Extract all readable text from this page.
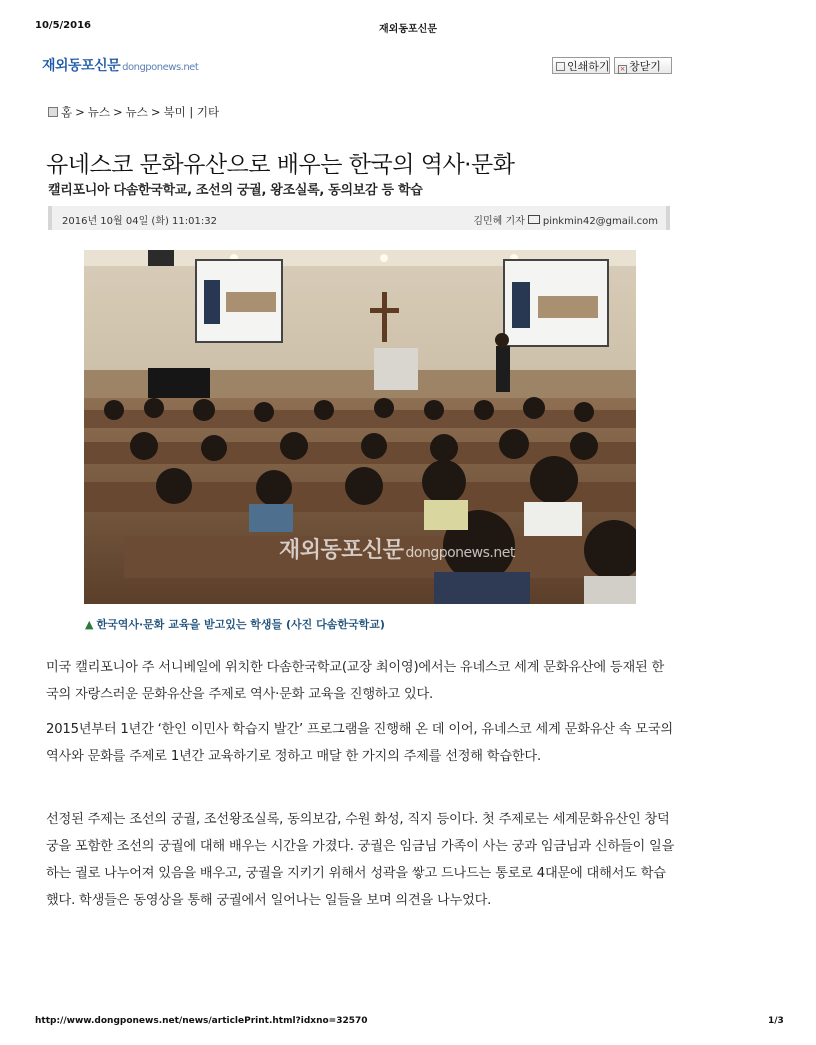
10/5/2016	재외동포신문
재외동포신문 dongponews.net	인쇄하기	× 창닫기
홈 > 뉴스 > 뉴스 > 북미 | 기타
유네스코 문화유산으로 배우는 한국의 역사·문화
캘리포니아 다솜한국학교, 조선의 궁궐, 왕조실록, 동의보감 등 학습
2016년 10월 04일 (화) 11:01:32	김민혜 기자 pinkmin42@gmail.com
재외동포신문 dongponews.net
▲ 한국역사·문화 교육을 받고있는 학생들 (사진 다솜한국학교)

미국 캘리포니아 주 서니베일에 위치한 다솜한국학교(교장 최이영)에서는 유네스코 세계 문화유산에 등재된 한국의 자랑스러운 문화유산을 주제로 역사·문화 교육을 진행하고 있다.

2015년부터 1년간 ‘한인 이민사 학습지 발간’ 프로그램을 진행해 온 데 이어, 유네스코 세계 문화유산 속 모국의 역사와 문화를 주제로 1년간 교육하기로 정하고 매달 한 가지의 주제를 선정해 학습한다.

선정된 주제는 조선의 궁궐, 조선왕조실록, 동의보감, 수원 화성, 직지 등이다. 첫 주제로는 세계문화유산인 창덕궁을 포함한 조선의 궁궐에 대해 배우는 시간을 가졌다. 궁궐은 임금님 가족이 사는 궁과 임금님과 신하들이 일을 하는 궐로 나누어져 있음을 배우고, 궁궐을 지키기 위해서 성곽을 쌓고 드나드는 통로로 4대문에 대해서도 학습했다. 학생들은 동영상을 통해 궁궐에서 일어나는 일들을 보며 의견을 나누었다.

http://www.dongponews.net/news/articlePrint.html?idxno=32570	1/3
